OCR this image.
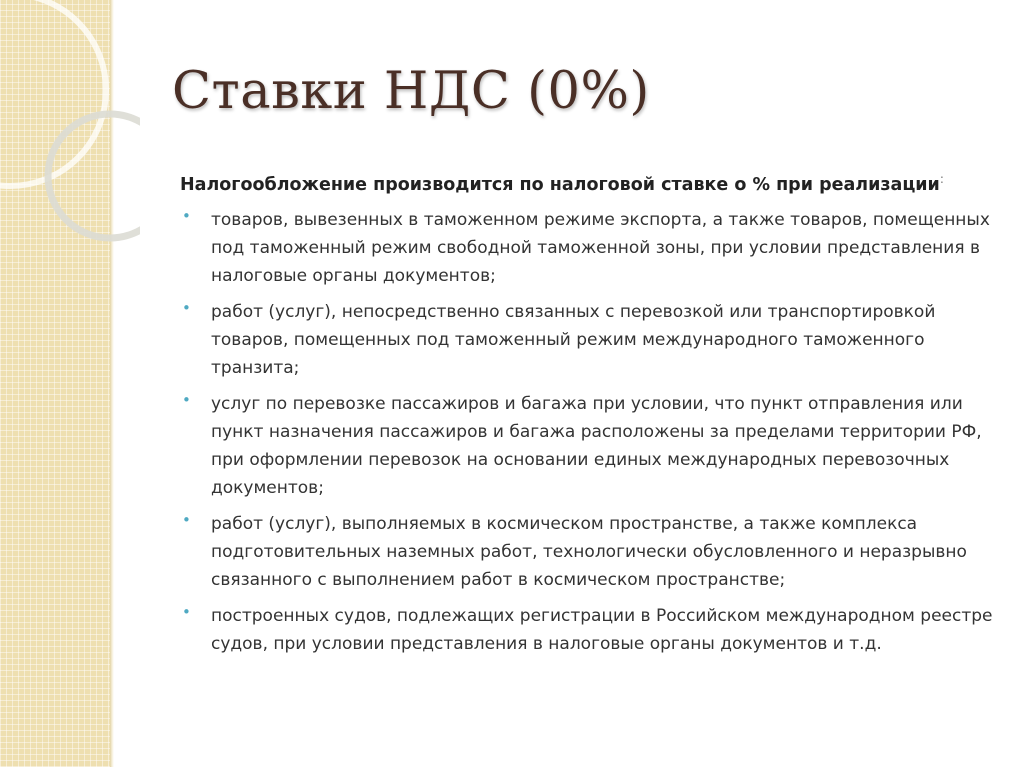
Ставки НДС (0%)

Налогообложение производится по налоговой ставке о % при реализации:

• товаров, вывезенных в таможенном режиме экспорта, а также товаров, помещенных под таможенный режим свободной таможенной зоны, при условии представления в налоговые органы документов;
• работ (услуг), непосредственно связанных с перевозкой или транспортировкой товаров, помещенных под таможенный режим международного таможенного транзита;
• услуг по перевозке пассажиров и багажа при условии, что пункт отправления или пункт назначения пассажиров и багажа расположены за пределами территории РФ, при оформлении перевозок на основании единых международных перевозочных документов;
• работ (услуг), выполняемых в космическом пространстве, а также комплекса подготовительных наземных работ, технологически обусловленного и неразрывно связанного с выполнением работ в космическом пространстве;
• построенных судов, подлежащих регистрации в Российском международном реестре судов, при условии представления в налоговые органы документов и т.д.
